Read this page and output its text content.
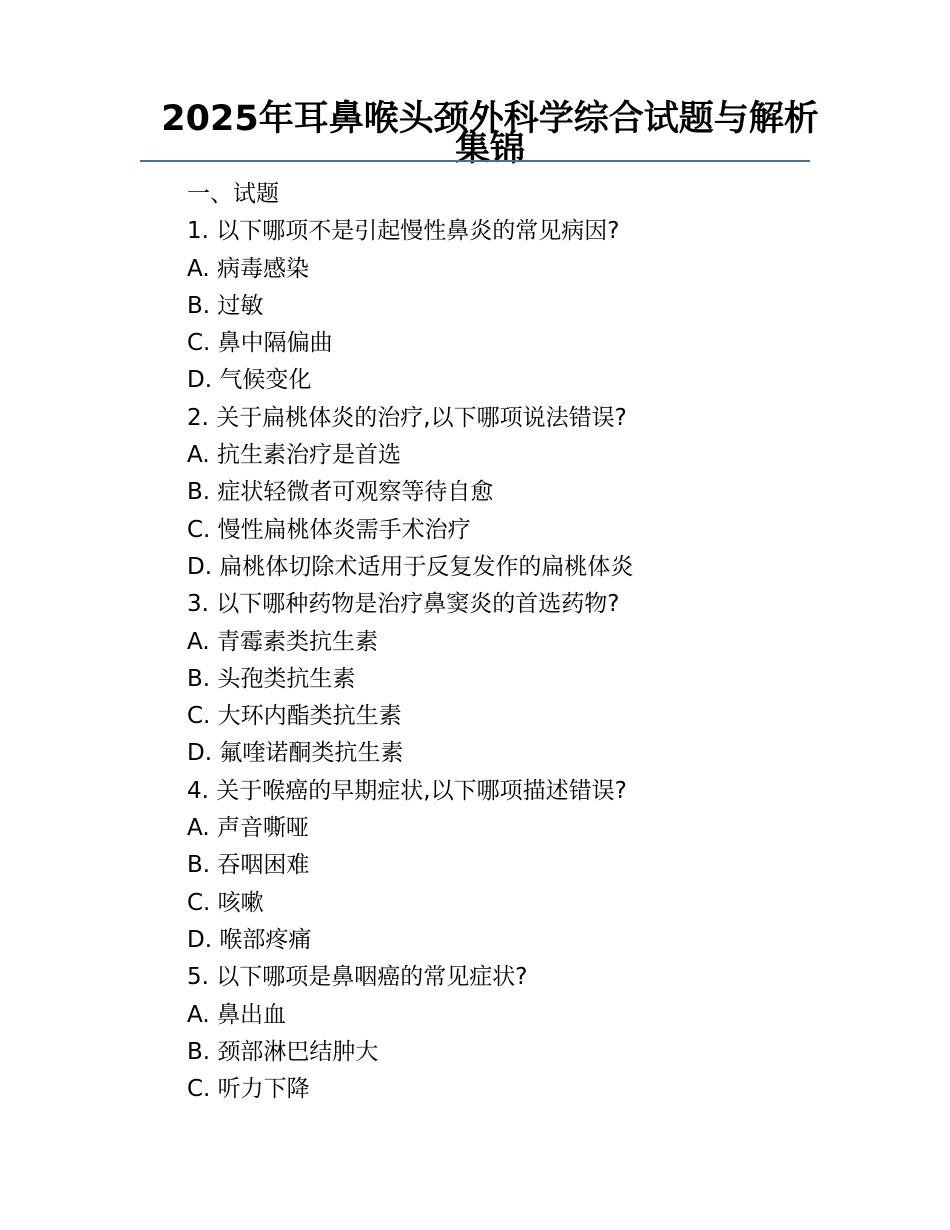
2025年耳鼻喉头颈外科学综合试题与解析集锦
一、试题
1. 以下哪项不是引起慢性鼻炎的常见病因?
A. 病毒感染
B. 过敏
C. 鼻中隔偏曲
D. 气候变化
2. 关于扁桃体炎的治疗,以下哪项说法错误?
A. 抗生素治疗是首选
B. 症状轻微者可观察等待自愈
C. 慢性扁桃体炎需手术治疗
D. 扁桃体切除术适用于反复发作的扁桃体炎
3. 以下哪种药物是治疗鼻窦炎的首选药物?
A. 青霉素类抗生素
B. 头孢类抗生素
C. 大环内酯类抗生素
D. 氟喹诺酮类抗生素
4. 关于喉癌的早期症状,以下哪项描述错误?
A. 声音嘶哑
B. 吞咽困难
C. 咳嗽
D. 喉部疼痛
5. 以下哪项是鼻咽癌的常见症状?
A. 鼻出血
B. 颈部淋巴结肿大
C. 听力下降
